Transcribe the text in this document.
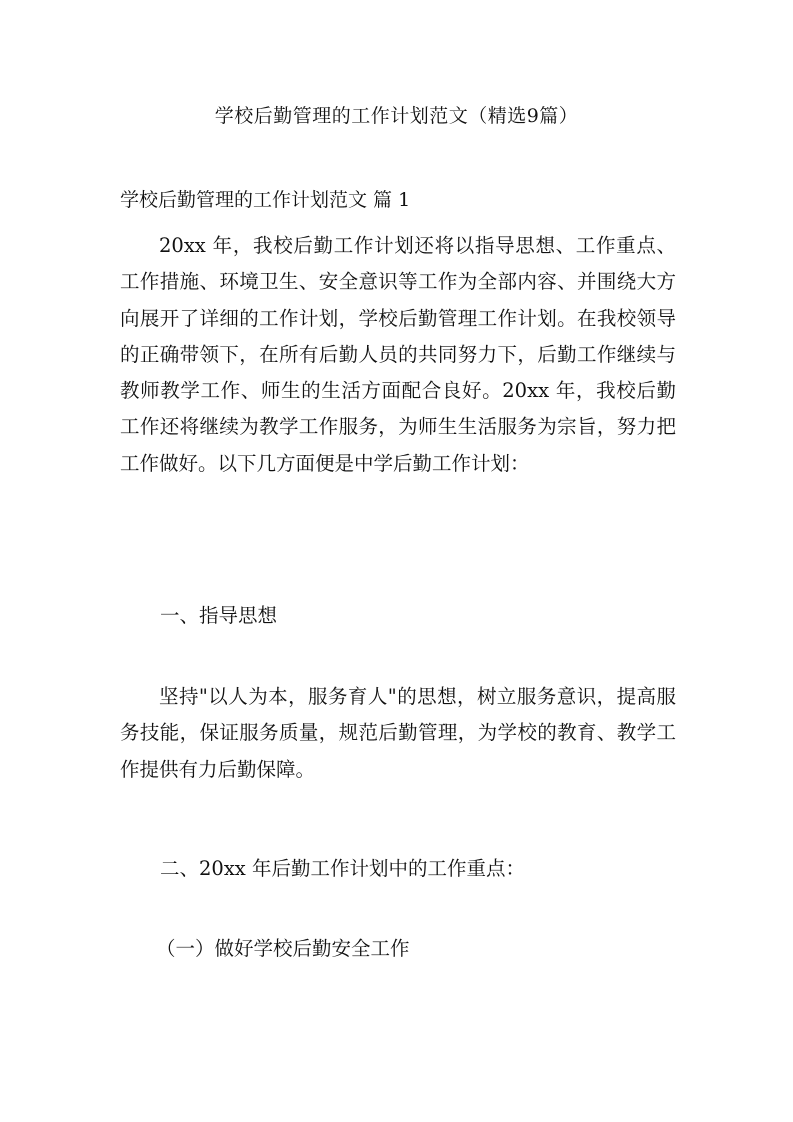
学校后勤管理的工作计划范文（精选9篇）
学校后勤管理的工作计划范文 篇 1

20xx 年，我校后勤工作计划还将以指导思想、工作重点、工作措施、环境卫生、安全意识等工作为全部内容、并围绕大方向展开了详细的工作计划，学校后勤管理工作计划。在我校领导的正确带领下，在所有后勤人员的共同努力下，后勤工作继续与教师教学工作、师生的生活方面配合良好。20xx 年，我校后勤工作还将继续为教学工作服务，为师生生活服务为宗旨，努力把工作做好。以下几方面便是中学后勤工作计划：

一、指导思想

坚持"以人为本，服务育人"的思想，树立服务意识，提高服务技能，保证服务质量，规范后勤管理，为学校的教育、教学工作提供有力后勤保障。

二、20xx 年后勤工作计划中的工作重点：
（一）做好学校后勤安全工作
